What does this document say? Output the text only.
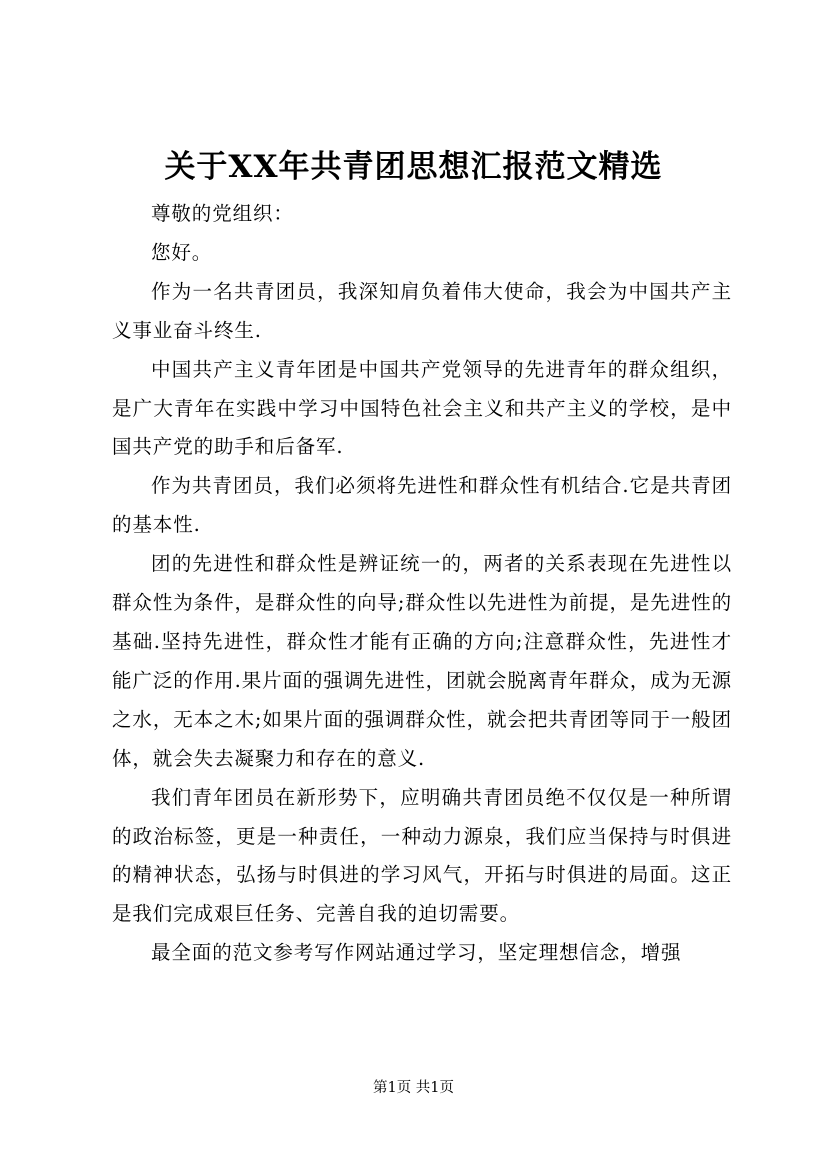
关于XX年共青团思想汇报范文精选

尊敬的党组织：

您好。

作为一名共青团员，我深知肩负着伟大使命，我会为中国共产主义事业奋斗终生.

中国共产主义青年团是中国共产党领导的先进青年的群众组织，是广大青年在实践中学习中国特色社会主义和共产主义的学校，是中国共产党的助手和后备军.

作为共青团员，我们必须将先进性和群众性有机结合.它是共青团的基本性.

团的先进性和群众性是辨证统一的，两者的关系表现在先进性以群众性为条件，是群众性的向导;群众性以先进性为前提，是先进性的基础.坚持先进性，群众性才能有正确的方向;注意群众性，先进性才能广泛的作用.果片面的强调先进性，团就会脱离青年群众，成为无源之水，无本之木;如果片面的强调群众性，就会把共青团等同于一般团体，就会失去凝聚力和存在的意义.

我们青年团员在新形势下，应明确共青团员绝不仅仅是一种所谓的政治标签，更是一种责任，一种动力源泉，我们应当保持与时俱进的精神状态，弘扬与时俱进的学习风气，开拓与时俱进的局面。这正是我们完成艰巨任务、完善自我的迫切需要。

最全面的范文参考写作网站通过学习，坚定理想信念，增强

第1页 共1页
